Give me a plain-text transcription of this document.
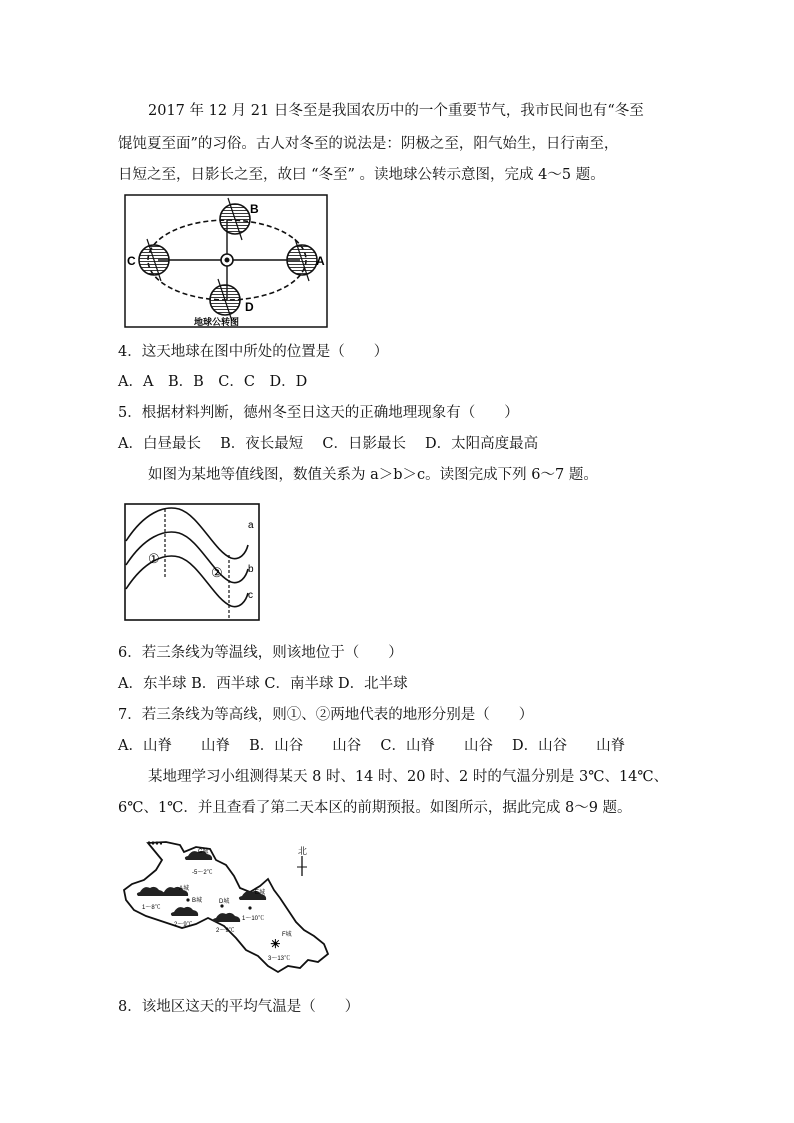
2017 年 12 月 21 日冬至是我国农历中的一个重要节气，我市民间也有“冬至
馄饨夏至面”的习俗。古人对冬至的说法是：阴极之至，阳气始生，日行南至，
日短之至，日影长之至，故曰 “冬至” 。读地球公转示意图，完成 4～5 题。
B
A
C
D
地球公转图
4．这天地球在图中所处的位置是（　　）
A．A　B．B　C．C　D．D
5．根据材料判断，德州冬至日这天的正确地理现象有（　　）
A．白昼最长　 B．夜长最短　 C．日影最长　 D．太阳高度最高
如图为某地等值线图，数值关系为 a＞b＞c。读图完成下列 6～7 题。
a
b
c
①
②
6．若三条线为等温线，则该地位于（　　）
A．东半球 B．西半球 C．南半球 D．北半球
7．若三条线为等高线，则①、②两地代表的地形分别是（　　）
A．山脊　　山脊　 B．山谷　　山谷　 C．山脊　　山谷　 D．山谷　　山脊
某地理学习小组测得某天 8 时、14 时、20 时、2 时的气温分别是 3℃、14℃、
6℃、1℃．并且查看了第二天本区的前期预报。如图所示，据此完成 8～9 题。
北
C城
-5～2℃
A城
1～8℃
B城
2～9℃
D城
2～9℃
E城
1～10℃
F城
☀
3～13℃
8．该地区这天的平均气温是（　　）
